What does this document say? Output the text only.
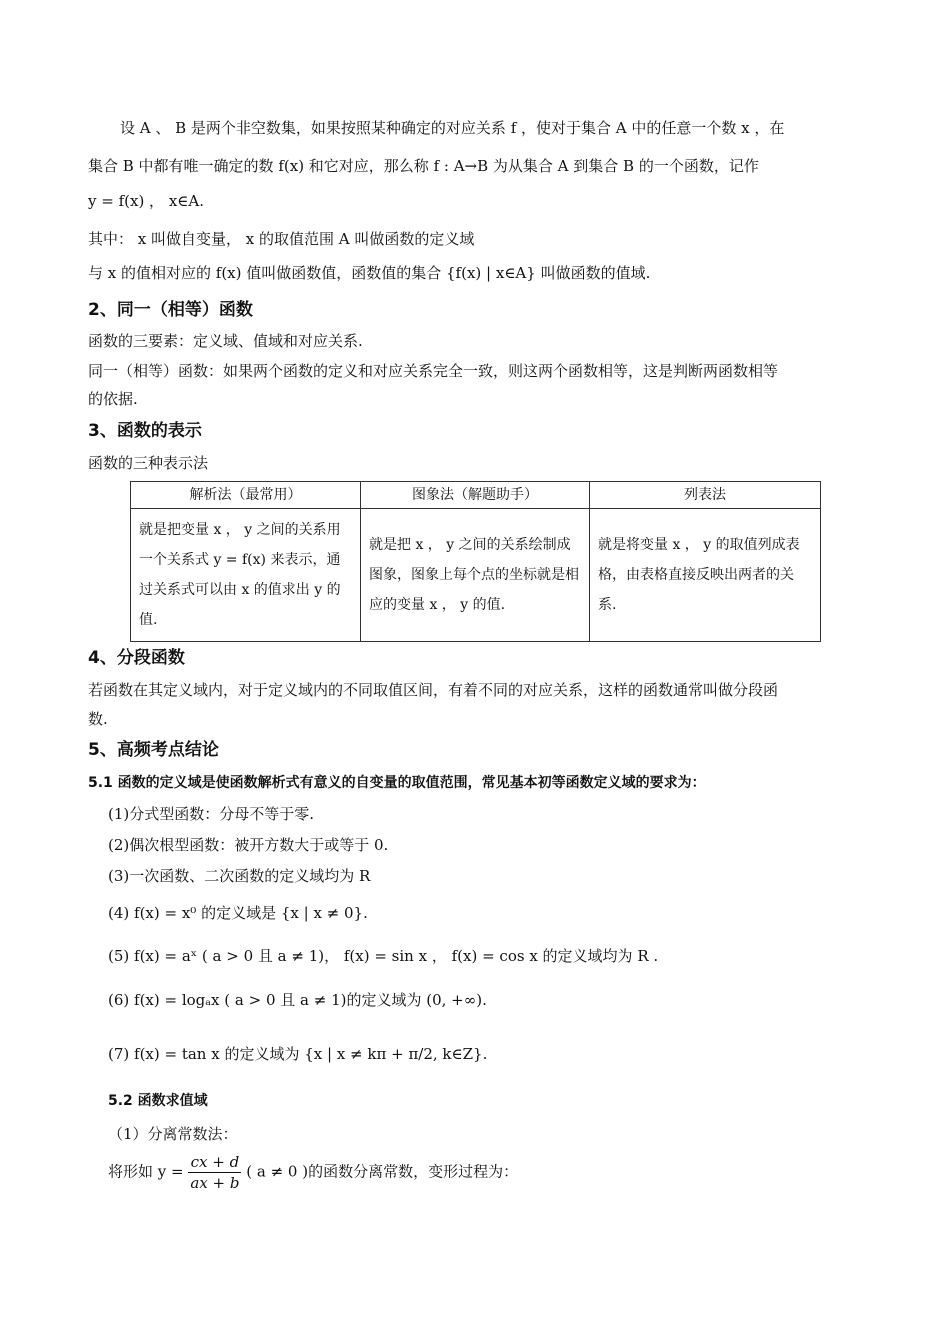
设 A 、 B 是两个非空数集，如果按照某种确定的对应关系 f ，使对于集合 A 中的任意一个数 x ，在
集合 B 中都有唯一确定的数 f(x) 和它对应，那么称 f : A→B 为从集合 A 到集合 B 的一个函数，记作
y = f(x) ， x∈A.
其中： x 叫做自变量， x 的取值范围 A 叫做函数的定义域
与 x 的值相对应的 f(x) 值叫做函数值，函数值的集合 {f(x) | x∈A} 叫做函数的值域.
2、同一（相等）函数
函数的三要素：定义域、值域和对应关系.
同一（相等）函数：如果两个函数的定义和对应关系完全一致，则这两个函数相等，这是判断两函数相等
的依据.
3、函数的表示
函数的三种表示法
解析法（最常用）	图象法（解题助手）	列表法
就是把变量 x ， y 之间的关系用一个关系式 y = f(x) 来表示，通过关系式可以由 x 的值求出 y 的值.	就是把 x ， y 之间的关系绘制成图象，图象上每个点的坐标就是相应的变量 x ， y 的值.	就是将变量 x ， y 的取值列成表格，由表格直接反映出两者的关系.
4、分段函数
若函数在其定义域内，对于定义域内的不同取值区间，有着不同的对应关系，这样的函数通常叫做分段函
数.
5、高频考点结论
5.1 函数的定义域是使函数解析式有意义的自变量的取值范围，常见基本初等函数定义域的要求为：
(1)分式型函数：分母不等于零.
(2)偶次根型函数：被开方数大于或等于 0.
(3)一次函数、二次函数的定义域均为 R
(4) f(x) = x⁰ 的定义域是 {x | x ≠ 0}.
(5) f(x) = aˣ ( a > 0 且 a ≠ 1)， f(x) = sin x ， f(x) = cos x 的定义域均为 R .
(6) f(x) = logₐx ( a > 0 且 a ≠ 1)的定义域为 (0, +∞).
(7) f(x) = tan x 的定义域为 {x | x ≠ kπ + π/2, k∈Z}.
5.2 函数求值域
（1）分离常数法：
将形如 $y = \frac{cx + d}{ax + b}$ ( a ≠ 0 )的函数分离常数，变形过程为：
